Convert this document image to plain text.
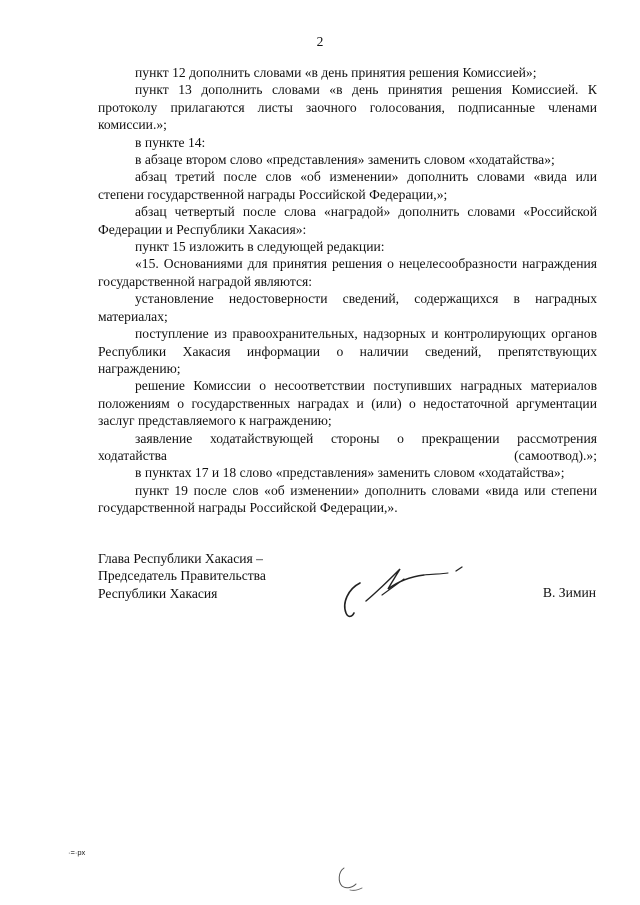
2

пункт 12 дополнить словами «в день принятия решения Комиссией»;

пункт 13 дополнить словами «в день принятия решения Комиссией. К протоколу прилагаются листы заочного голосования, подписанные членами комиссии.»;

в пункте 14:

в абзаце втором слово «представления» заменить словом «ходатайства»;

абзац третий после слов «об изменении» дополнить словами «вида или степени государственной награды Российской Федерации,»;

абзац четвертый после слова «наградой» дополнить словами «Российской Федерации и Республики Хакасия»:

пункт 15 изложить в следующей редакции:

«15. Основаниями для принятия решения о нецелесообразности награждения государственной наградой являются:

установление недостоверности сведений, содержащихся в наградных материалах;

поступление из правоохранительных, надзорных и контролирующих органов Республики Хакасия информации о наличии сведений, препятствующих награждению;

решение Комиссии о несоответствии поступивших наградных материалов положениям о государственных наградах и (или) о недостаточной аргументации заслуг представляемого к награждению;

заявление ходатайствующей стороны о прекращении рассмотрения ходатайства (самоотвод).»;

в пунктах 17 и 18 слово «представления» заменить словом «ходатайства»;

пункт 19 после слов «об изменении» дополнить словами «вида или степени государственной награды Российской Федерации,».

Глава Республики Хакасия –
Председатель Правительства
Республики Хакасия	В. Зимин
·=·рх
